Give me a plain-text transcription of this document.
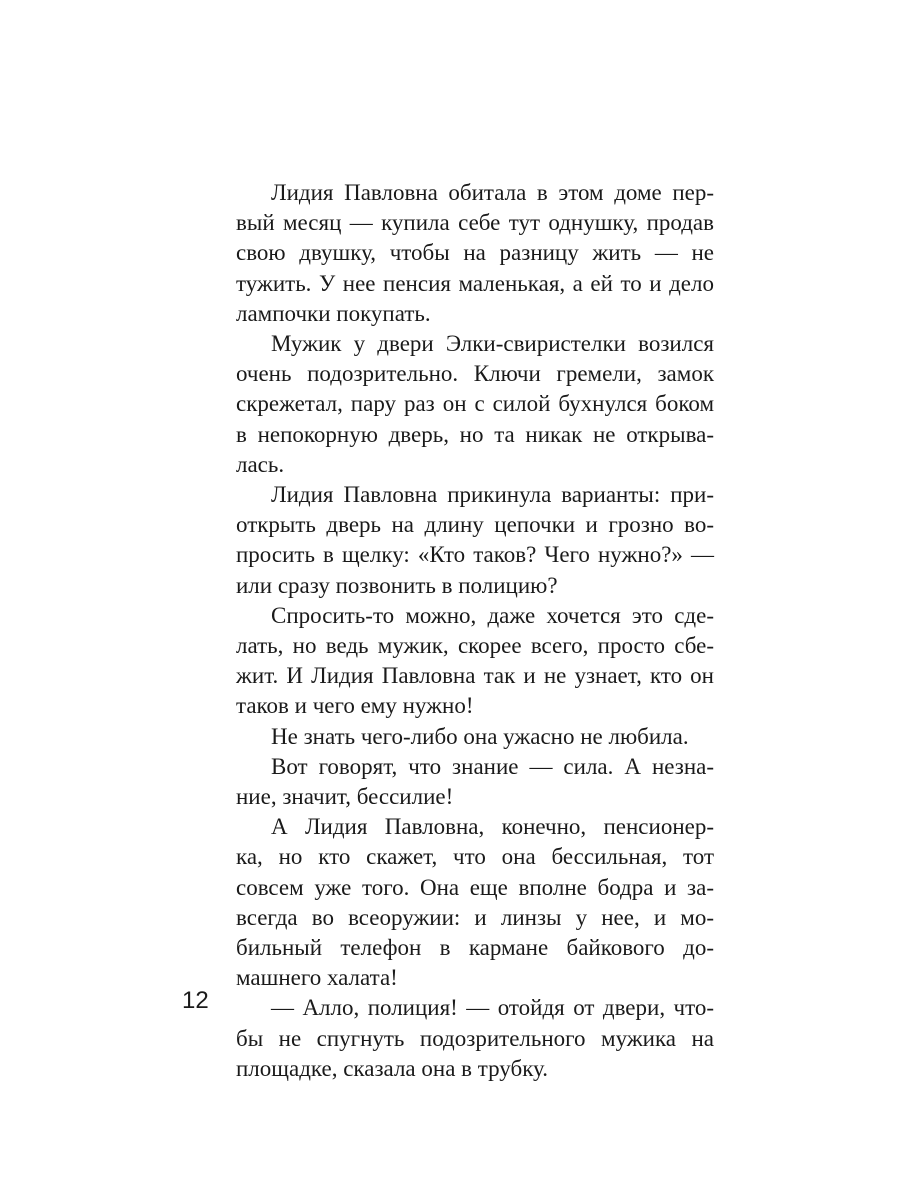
Лидия Павловна обитала в этом доме пер-
вый месяц — купила себе тут однушку, продав
свою двушку, чтобы на разницу жить — не
тужить. У нее пенсия маленькая, а ей то и дело
лампочки покупать.
Мужик у двери Элки-свиристелки возился
очень подозрительно. Ключи гремели, замок
скрежетал, пару раз он с силой бухнулся боком
в непокорную дверь, но та никак не открыва-
лась.
Лидия Павловна прикинула варианты: при-
открыть дверь на длину цепочки и грозно во-
просить в щелку: «Кто таков? Чего нужно?» —
или сразу позвонить в полицию?
Спросить-то можно, даже хочется это сде-
лать, но ведь мужик, скорее всего, просто сбе-
жит. И Лидия Павловна так и не узнает, кто он
таков и чего ему нужно!
Не знать чего-либо она ужасно не любила.
Вот говорят, что знание — сила. А незна-
ние, значит, бессилие!
А Лидия Павловна, конечно, пенсионер-
ка, но кто скажет, что она бессильная, тот
совсем уже того. Она еще вполне бодра и за-
всегда во всеоружии: и линзы у нее, и мо-
бильный телефон в кармане байкового до-
машнего халата!
— Алло, полиция! — отойдя от двери, что-
бы не спугнуть подозрительного мужика на
площадке, сказала она в трубку.
12
